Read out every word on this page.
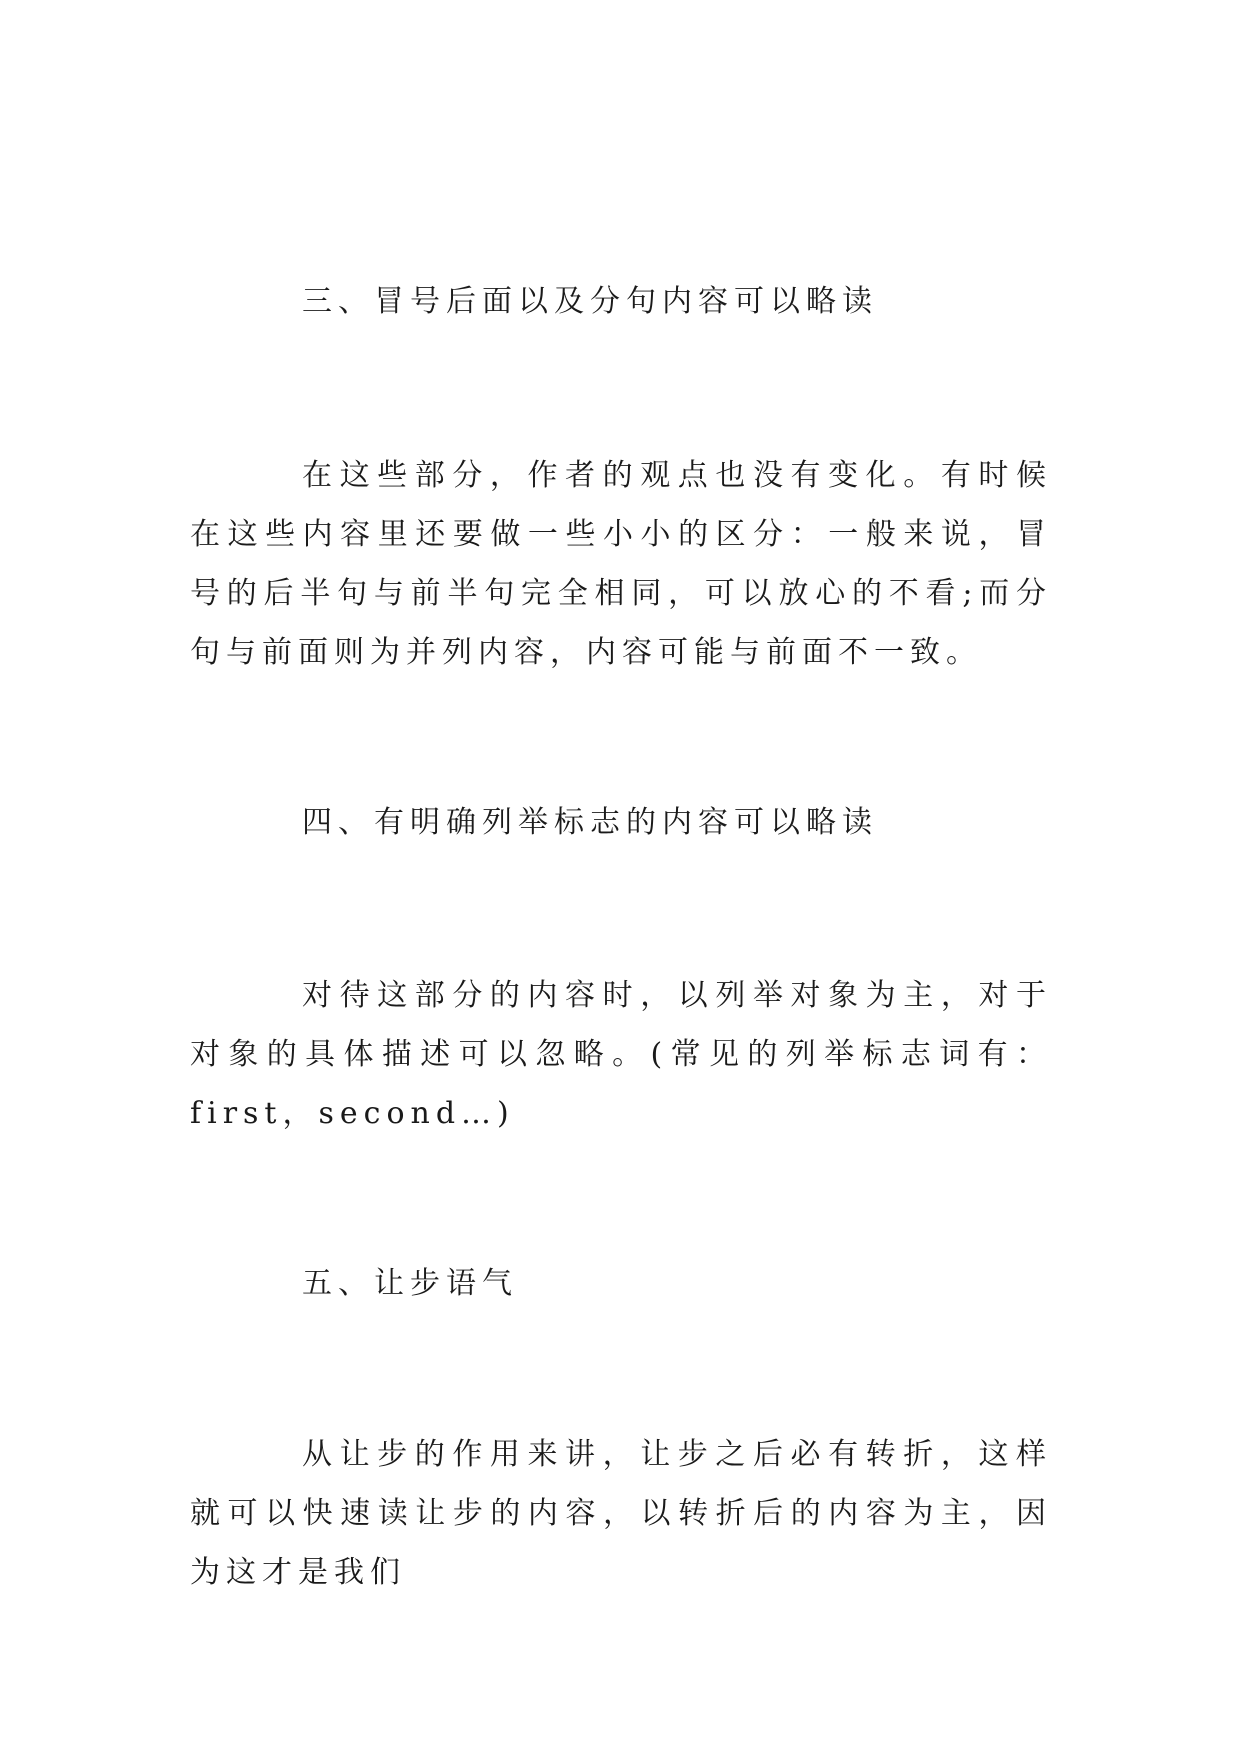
三、冒号后面以及分句内容可以略读

在这些部分，作者的观点也没有变化。有时候在这些内容里还要做一些小小的区分：一般来说，冒号的后半句与前半句完全相同，可以放心的不看;而分句与前面则为并列内容，内容可能与前面不一致。

四、有明确列举标志的内容可以略读

对待这部分的内容时，以列举对象为主，对于对象的具体描述可以忽略。(常见的列举标志词有：first，second…)

五、让步语气

从让步的作用来讲，让步之后必有转折，这样就可以快速读让步的内容，以转折后的内容为主，因为这才是我们
